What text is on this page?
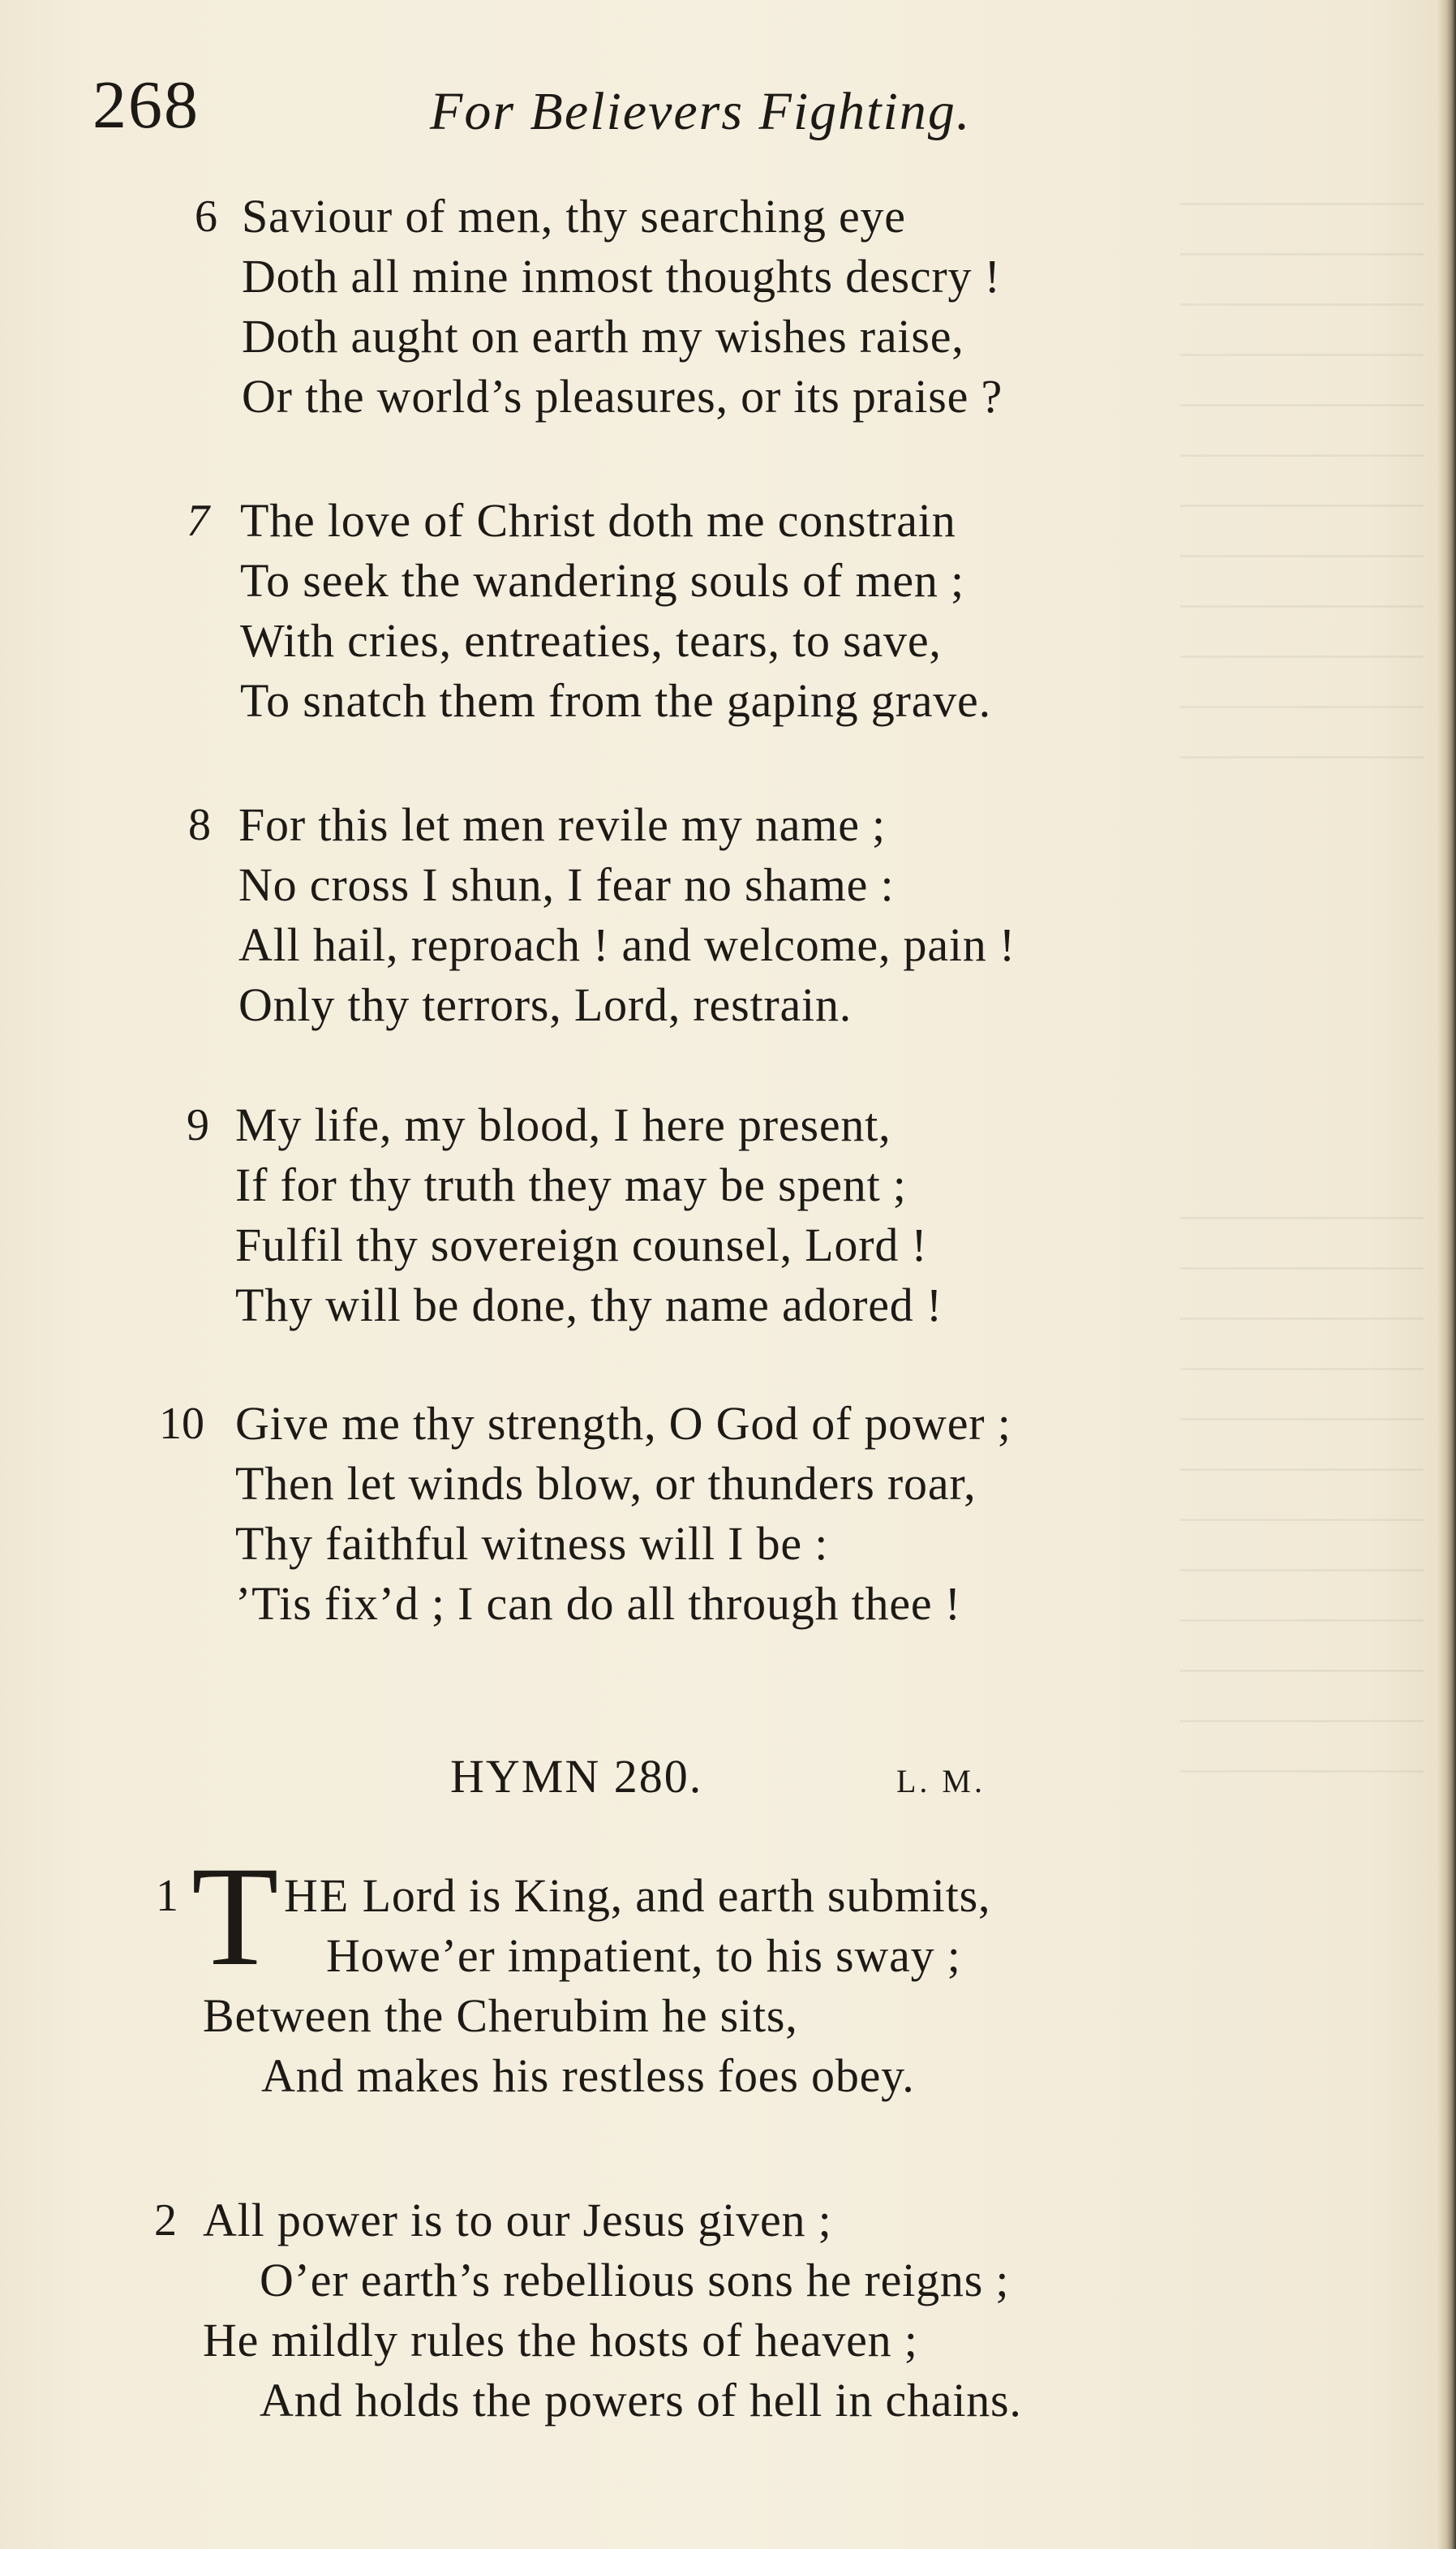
268	For Believers Fighting.
6 Saviour of men, thy searching eye
Doth all mine inmost thoughts descry !
Doth aught on earth my wishes raise,
Or the world’s pleasures, or its praise ?
7 The love of Christ doth me constrain
To seek the wandering souls of men ;
With cries, entreaties, tears, to save,
To snatch them from the gaping grave.
8 For this let men revile my name ;
No cross I shun, I fear no shame :
All hail, reproach ! and welcome, pain !
Only thy terrors, Lord, restrain.
9 My life, my blood, I here present,
If for thy truth they may be spent ;
Fulfil thy sovereign counsel, Lord !
Thy will be done, thy name adored !
10 Give me thy strength, O God of power ;
Then let winds blow, or thunders roar,
Thy faithful witness will I be :
’Tis fix’d ; I can do all through thee !
HYMN 280.	L. M.
1 HE Lord is King, and earth submits,
Howe’er impatient, to his sway ;
Between the Cherubim he sits,
And makes his restless foes obey.
T
2 All power is to our Jesus given ;
O’er earth’s rebellious sons he reigns ;
He mildly rules the hosts of heaven ;
And holds the powers of hell in chains.
